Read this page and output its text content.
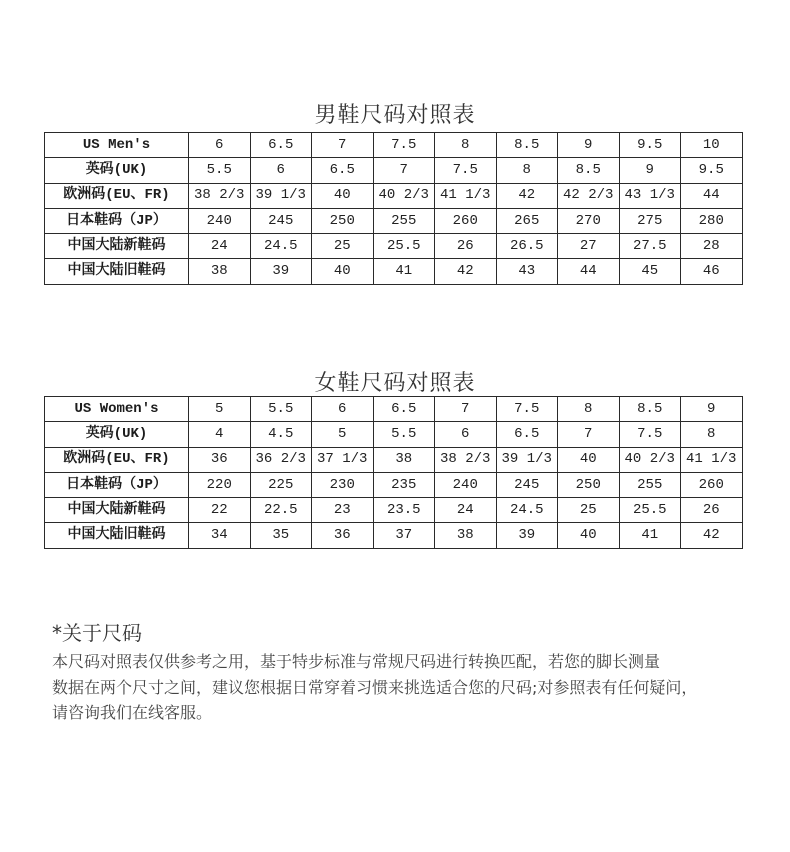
男鞋尺码对照表
US Men's	6	6.5	7	7.5	8	8.5	9	9.5	10
英码(UK)	5.5	6	6.5	7	7.5	8	8.5	9	9.5
欧洲码(EU、FR)	38 2/3	39 1/3	40	40 2/3	41 1/3	42	42 2/3	43 1/3	44
日本鞋码（JP）	240	245	250	255	260	265	270	275	280
中国大陆新鞋码	24	24.5	25	25.5	26	26.5	27	27.5	28
中国大陆旧鞋码	38	39	40	41	42	43	44	45	46
女鞋尺码对照表
US Women's	5	5.5	6	6.5	7	7.5	8	8.5	9
英码(UK)	4	4.5	5	5.5	6	6.5	7	7.5	8
欧洲码(EU、FR)	36	36 2/3	37 1/3	38	38 2/3	39 1/3	40	40 2/3	41 1/3
日本鞋码（JP）	220	225	230	235	240	245	250	255	260
中国大陆新鞋码	22	22.5	23	23.5	24	24.5	25	25.5	26
中国大陆旧鞋码	34	35	36	37	38	39	40	41	42

*关于尺码

本尺码对照表仅供参考之用，基于特步标准与常规尺码进行转换匹配，若您的脚长测量

数据在两个尺寸之间，建议您根据日常穿着习惯来挑选适合您的尺码;对参照表有任何疑问，

请咨询我们在线客服。
